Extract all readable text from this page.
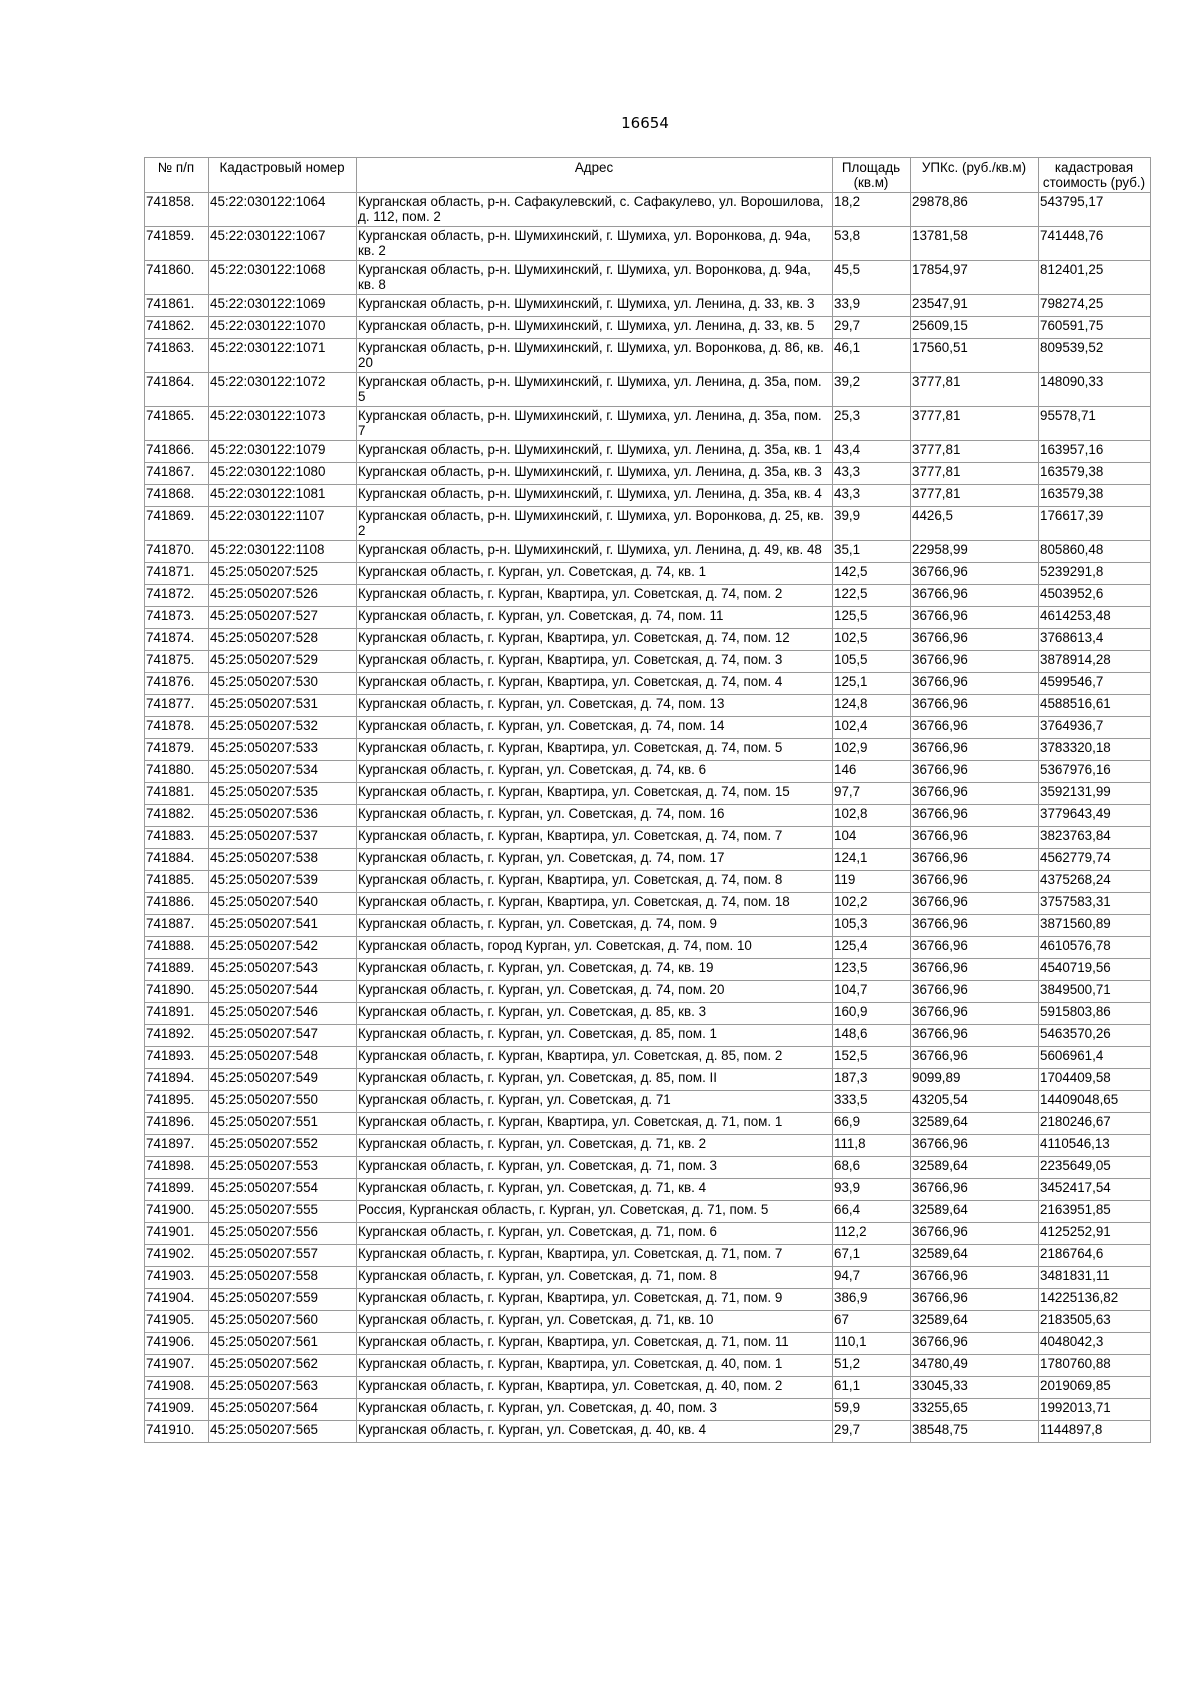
16654
№ п/п	Кадастровый номер	Адрес	Площадь (кв.м)	УПКс. (руб./кв.м)	кадастровая стоимость (руб.)
741858.	45:22:030122:1064	Курганская область, р-н. Сафакулевский, с. Сафакулево, ул. Ворошилова, д. 112, пом. 2	18,2	29878,86	543795,17
741859.	45:22:030122:1067	Курганская область, р-н. Шумихинский, г. Шумиха, ул. Воронкова, д. 94а, кв. 2	53,8	13781,58	741448,76
741860.	45:22:030122:1068	Курганская область, р-н. Шумихинский, г. Шумиха, ул. Воронкова, д. 94а, кв. 8	45,5	17854,97	812401,25
741861.	45:22:030122:1069	Курганская область, р-н. Шумихинский, г. Шумиха, ул. Ленина, д. 33, кв. 3	33,9	23547,91	798274,25
741862.	45:22:030122:1070	Курганская область, р-н. Шумихинский, г. Шумиха, ул. Ленина, д. 33, кв. 5	29,7	25609,15	760591,75
741863.	45:22:030122:1071	Курганская область, р-н. Шумихинский, г. Шумиха, ул. Воронкова, д. 86, кв. 20	46,1	17560,51	809539,52
741864.	45:22:030122:1072	Курганская область, р-н. Шумихинский, г. Шумиха, ул. Ленина, д. 35а, пом. 5	39,2	3777,81	148090,33
741865.	45:22:030122:1073	Курганская область, р-н. Шумихинский, г. Шумиха, ул. Ленина, д. 35а, пом. 7	25,3	3777,81	95578,71
741866.	45:22:030122:1079	Курганская область, р-н. Шумихинский, г. Шумиха, ул. Ленина, д. 35а, кв. 1	43,4	3777,81	163957,16
741867.	45:22:030122:1080	Курганская область, р-н. Шумихинский, г. Шумиха, ул. Ленина, д. 35а, кв. 3	43,3	3777,81	163579,38
741868.	45:22:030122:1081	Курганская область, р-н. Шумихинский, г. Шумиха, ул. Ленина, д. 35а, кв. 4	43,3	3777,81	163579,38
741869.	45:22:030122:1107	Курганская область, р-н. Шумихинский, г. Шумиха, ул. Воронкова, д. 25, кв. 2	39,9	4426,5	176617,39
741870.	45:22:030122:1108	Курганская область, р-н. Шумихинский, г. Шумиха, ул. Ленина, д. 49, кв. 48	35,1	22958,99	805860,48
741871.	45:25:050207:525	Курганская область, г. Курган, ул. Советская, д. 74, кв. 1	142,5	36766,96	5239291,8
741872.	45:25:050207:526	Курганская область, г. Курган, Квартира, ул. Советская, д. 74, пом. 2	122,5	36766,96	4503952,6
741873.	45:25:050207:527	Курганская область, г. Курган, ул. Советская, д. 74, пом. 11	125,5	36766,96	4614253,48
741874.	45:25:050207:528	Курганская область, г. Курган, Квартира, ул. Советская, д. 74, пом. 12	102,5	36766,96	3768613,4
741875.	45:25:050207:529	Курганская область, г. Курган, Квартира, ул. Советская, д. 74, пом. 3	105,5	36766,96	3878914,28
741876.	45:25:050207:530	Курганская область, г. Курган, Квартира, ул. Советская, д. 74, пом. 4	125,1	36766,96	4599546,7
741877.	45:25:050207:531	Курганская область, г. Курган, ул. Советская, д. 74, пом. 13	124,8	36766,96	4588516,61
741878.	45:25:050207:532	Курганская область, г. Курган, ул. Советская, д. 74, пом. 14	102,4	36766,96	3764936,7
741879.	45:25:050207:533	Курганская область, г. Курган, Квартира, ул. Советская, д. 74, пом. 5	102,9	36766,96	3783320,18
741880.	45:25:050207:534	Курганская область, г. Курган, ул. Советская, д. 74, кв. 6	146	36766,96	5367976,16
741881.	45:25:050207:535	Курганская область, г. Курган, Квартира, ул. Советская, д. 74, пом. 15	97,7	36766,96	3592131,99
741882.	45:25:050207:536	Курганская область, г. Курган, ул. Советская, д. 74, пом. 16	102,8	36766,96	3779643,49
741883.	45:25:050207:537	Курганская область, г. Курган, Квартира, ул. Советская, д. 74, пом. 7	104	36766,96	3823763,84
741884.	45:25:050207:538	Курганская область, г. Курган, ул. Советская, д. 74, пом. 17	124,1	36766,96	4562779,74
741885.	45:25:050207:539	Курганская область, г. Курган, Квартира, ул. Советская, д. 74, пом. 8	119	36766,96	4375268,24
741886.	45:25:050207:540	Курганская область, г. Курган, Квартира, ул. Советская, д. 74, пом. 18	102,2	36766,96	3757583,31
741887.	45:25:050207:541	Курганская область, г. Курган, ул. Советская, д. 74, пом. 9	105,3	36766,96	3871560,89
741888.	45:25:050207:542	Курганская область, город Курган, ул. Советская, д. 74, пом. 10	125,4	36766,96	4610576,78
741889.	45:25:050207:543	Курганская область, г. Курган, ул. Советская, д. 74, кв. 19	123,5	36766,96	4540719,56
741890.	45:25:050207:544	Курганская область, г. Курган, ул. Советская, д. 74, пом. 20	104,7	36766,96	3849500,71
741891.	45:25:050207:546	Курганская область, г. Курган, ул. Советская, д. 85, кв. 3	160,9	36766,96	5915803,86
741892.	45:25:050207:547	Курганская область, г. Курган, ул. Советская, д. 85, пом. 1	148,6	36766,96	5463570,26
741893.	45:25:050207:548	Курганская область, г. Курган, Квартира, ул. Советская, д. 85, пом. 2	152,5	36766,96	5606961,4
741894.	45:25:050207:549	Курганская область, г. Курган, ул. Советская, д. 85, пом. II	187,3	9099,89	1704409,58
741895.	45:25:050207:550	Курганская область, г. Курган, ул. Советская, д. 71	333,5	43205,54	14409048,65
741896.	45:25:050207:551	Курганская область, г. Курган, Квартира, ул. Советская, д. 71, пом. 1	66,9	32589,64	2180246,67
741897.	45:25:050207:552	Курганская область, г. Курган, ул. Советская, д. 71, кв. 2	111,8	36766,96	4110546,13
741898.	45:25:050207:553	Курганская область, г. Курган, ул. Советская, д. 71, пом. 3	68,6	32589,64	2235649,05
741899.	45:25:050207:554	Курганская область, г. Курган, ул. Советская, д. 71, кв. 4	93,9	36766,96	3452417,54
741900.	45:25:050207:555	Россия, Курганская область, г. Курган, ул. Советская, д. 71, пом. 5	66,4	32589,64	2163951,85
741901.	45:25:050207:556	Курганская область, г. Курган, ул. Советская, д. 71, пом. 6	112,2	36766,96	4125252,91
741902.	45:25:050207:557	Курганская область, г. Курган, Квартира, ул. Советская, д. 71, пом. 7	67,1	32589,64	2186764,6
741903.	45:25:050207:558	Курганская область, г. Курган, ул. Советская, д. 71, пом. 8	94,7	36766,96	3481831,11
741904.	45:25:050207:559	Курганская область, г. Курган, Квартира, ул. Советская, д. 71, пом. 9	386,9	36766,96	14225136,82
741905.	45:25:050207:560	Курганская область, г. Курган, ул. Советская, д. 71, кв. 10	67	32589,64	2183505,63
741906.	45:25:050207:561	Курганская область, г. Курган, Квартира, ул. Советская, д. 71, пом. 11	110,1	36766,96	4048042,3
741907.	45:25:050207:562	Курганская область, г. Курган, Квартира, ул. Советская, д. 40, пом. 1	51,2	34780,49	1780760,88
741908.	45:25:050207:563	Курганская область, г. Курган, Квартира, ул. Советская, д. 40, пом. 2	61,1	33045,33	2019069,85
741909.	45:25:050207:564	Курганская область, г. Курган, ул. Советская, д. 40, пом. 3	59,9	33255,65	1992013,71
741910.	45:25:050207:565	Курганская область, г. Курган, ул. Советская, д. 40, кв. 4	29,7	38548,75	1144897,8
